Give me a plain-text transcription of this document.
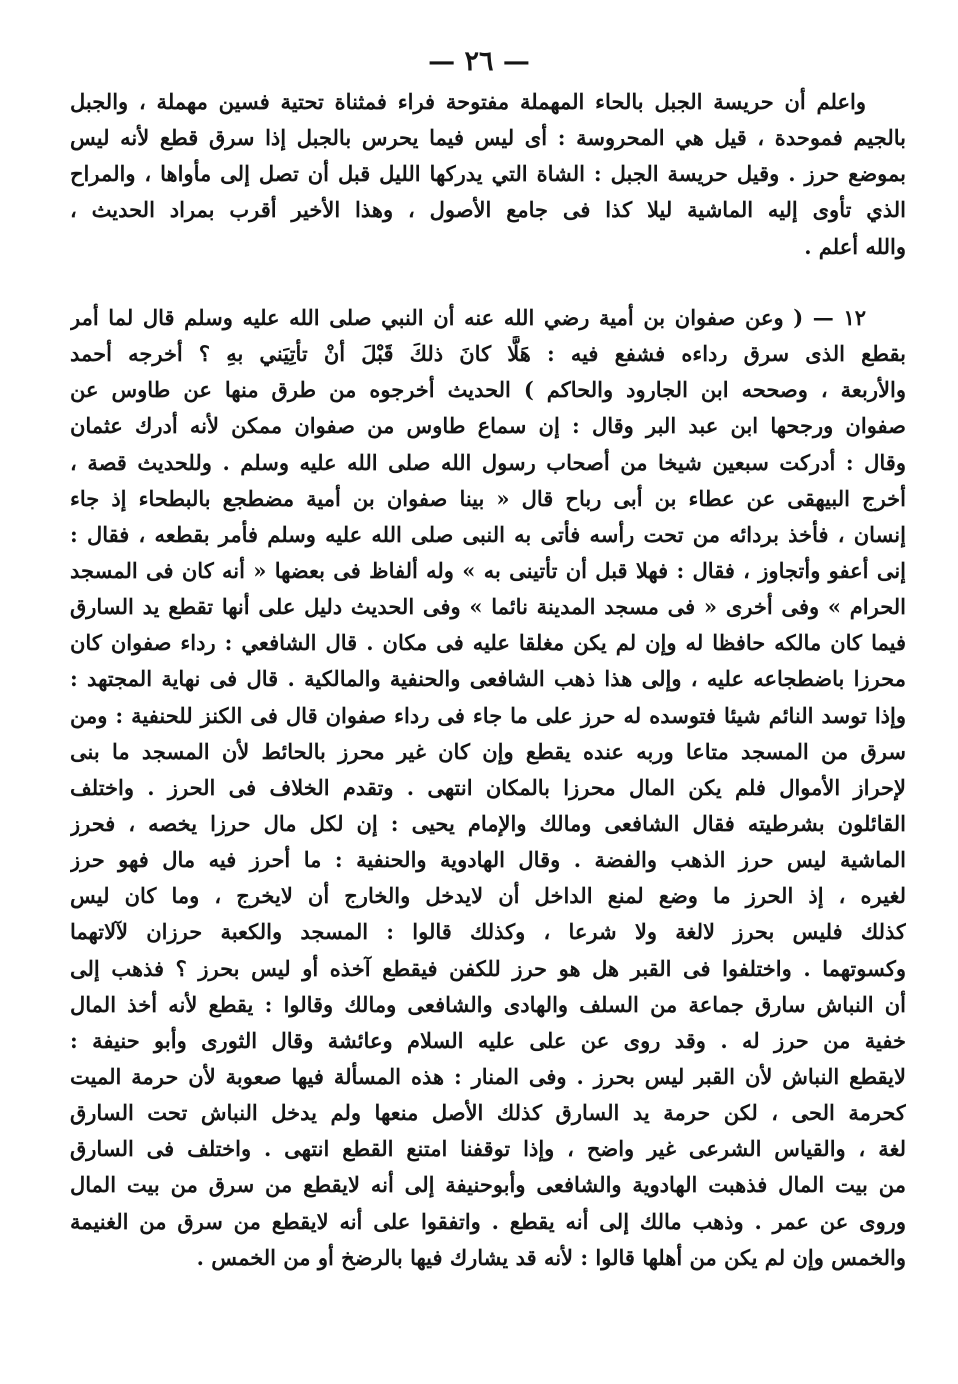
— ٢٦ —
واعلم أن حريسة الجبل بالحاء المهملة مفتوحة فراء فمثناة تحتية فسين مهملة ، والجبل
بالجيم فموحدة ، قيل هي المحروسة : أى ليس فيما يحرس بالجبل إذا سرق قطع لأنه ليس
بموضع حرز . وقيل حريسة الجبل : الشاة التي يدركها الليل قبل أن تصل إلى مأواها ، والمراح
الذي تأوى إليه الماشية ليلا كذا فى جامع الأصول ، وهذا الأخير أقرب بمراد الحديث ،
والله أعلم .
١٢ — ( وعن صفوان بن أمية رضي الله عنه أن النبي صلى الله عليه وسلم قال لما أمر
بقطع الذى سرق رداءه فشفع فيه : هَلَّا كانَ ذلكَ قَبْلَ أنْ تأتِيَني بهِ ؟ أخرجه أحمد
والأربعة ، وصححه ابن الجارود والحاكم ) الحديث أخرجوه من طرق منها عن طاوس عن
صفوان ورجحها ابن عبد البر وقال : إن سماع طاوس من صفوان ممكن لأنه أدرك عثمان
وقال : أدركت سبعين شيخا من أصحاب رسول الله صلى الله عليه وسلم . وللحديث قصة ،
أخرج البيهقى عن عطاء بن أبى رباح قال « بينا صفوان بن أمية مضطجع بالبطحاء إذ جاء
إنسان ، فأخذ بردائه من تحت رأسه فأتى به النبى صلى الله عليه وسلم فأمر بقطعه ، فقال :
إنى أعفو وأتجاوز ، فقال : فهلا قبل أن تأتينى به » وله ألفاظ فى بعضها « أنه كان فى المسجد
الحرام » وفى أخرى « فى مسجد المدينة نائما » وفى الحديث دليل على أنها تقطع يد السارق
فيما كان مالكه حافظا له وإن لم يكن مغلقا عليه فى مكان . قال الشافعي : رداء صفوان كان
محرزا باضطجاعه عليه ، وإلى هذا ذهب الشافعى والحنفية والمالكية . قال فى نهاية المجتهد :
وإذا توسد النائم شيئا فتوسده له حرز على ما جاء فى رداء صفوان قال فى الكنز للحنفية : ومن
سرق من المسجد متاعا وربه عنده يقطع وإن كان غير محرز بالحائط لأن المسجد ما بنى
لإحراز الأموال فلم يكن المال محرزا بالمكان انتهى . وتقدم الخلاف فى الحرز . واختلف
القائلون بشرطيته فقال الشافعى ومالك والإمام يحيى : إن لكل مال حرزا يخصه ، فحرز
الماشية ليس حرز الذهب والفضة . وقال الهادوية والحنفية : ما أحرز فيه مال فهو حرز
لغيره ، إذ الحرز ما وضع لمنع الداخل أن لايدخل والخارج أن لايخرج ، وما كان ليس
كذلك فليس بحرز لالغة ولا شرعا ، وكذلك قالوا : المسجد والكعبة حرزان لآلاتهما
وكسوتهما . واختلفوا فى القبر هل هو حرز للكفن فيقطع آخذه أو ليس بحرز ؟ فذهب إلى
أن النباش سارق جماعة من السلف والهادى والشافعى ومالك وقالوا : يقطع لأنه أخذ المال
خفية من حرز له . وقد روى عن على عليه السلام وعائشة وقال الثورى وأبو حنيفة :
لايقطع النباش لأن القبر ليس بحرز . وفى المنار : هذه المسألة فيها صعوبة لأن حرمة الميت
كحرمة الحى ، لكن حرمة يد السارق كذلك الأصل منعها ولم يدخل النباش تحت السارق
لغة ، والقياس الشرعى غير واضح ، وإذا توقفنا امتنع القطع انتهى . واختلف فى السارق
من بيت المال فذهبت الهادوية والشافعى وأبوحنيفة إلى أنه لايقطع من سرق من بيت المال
وروى عن عمر . وذهب مالك إلى أنه يقطع . واتفقوا على أنه لايقطع من سرق من الغنيمة
والخمس وإن لم يكن من أهلها قالوا : لأنه قد يشارك فيها بالرضخ أو من الخمس .
